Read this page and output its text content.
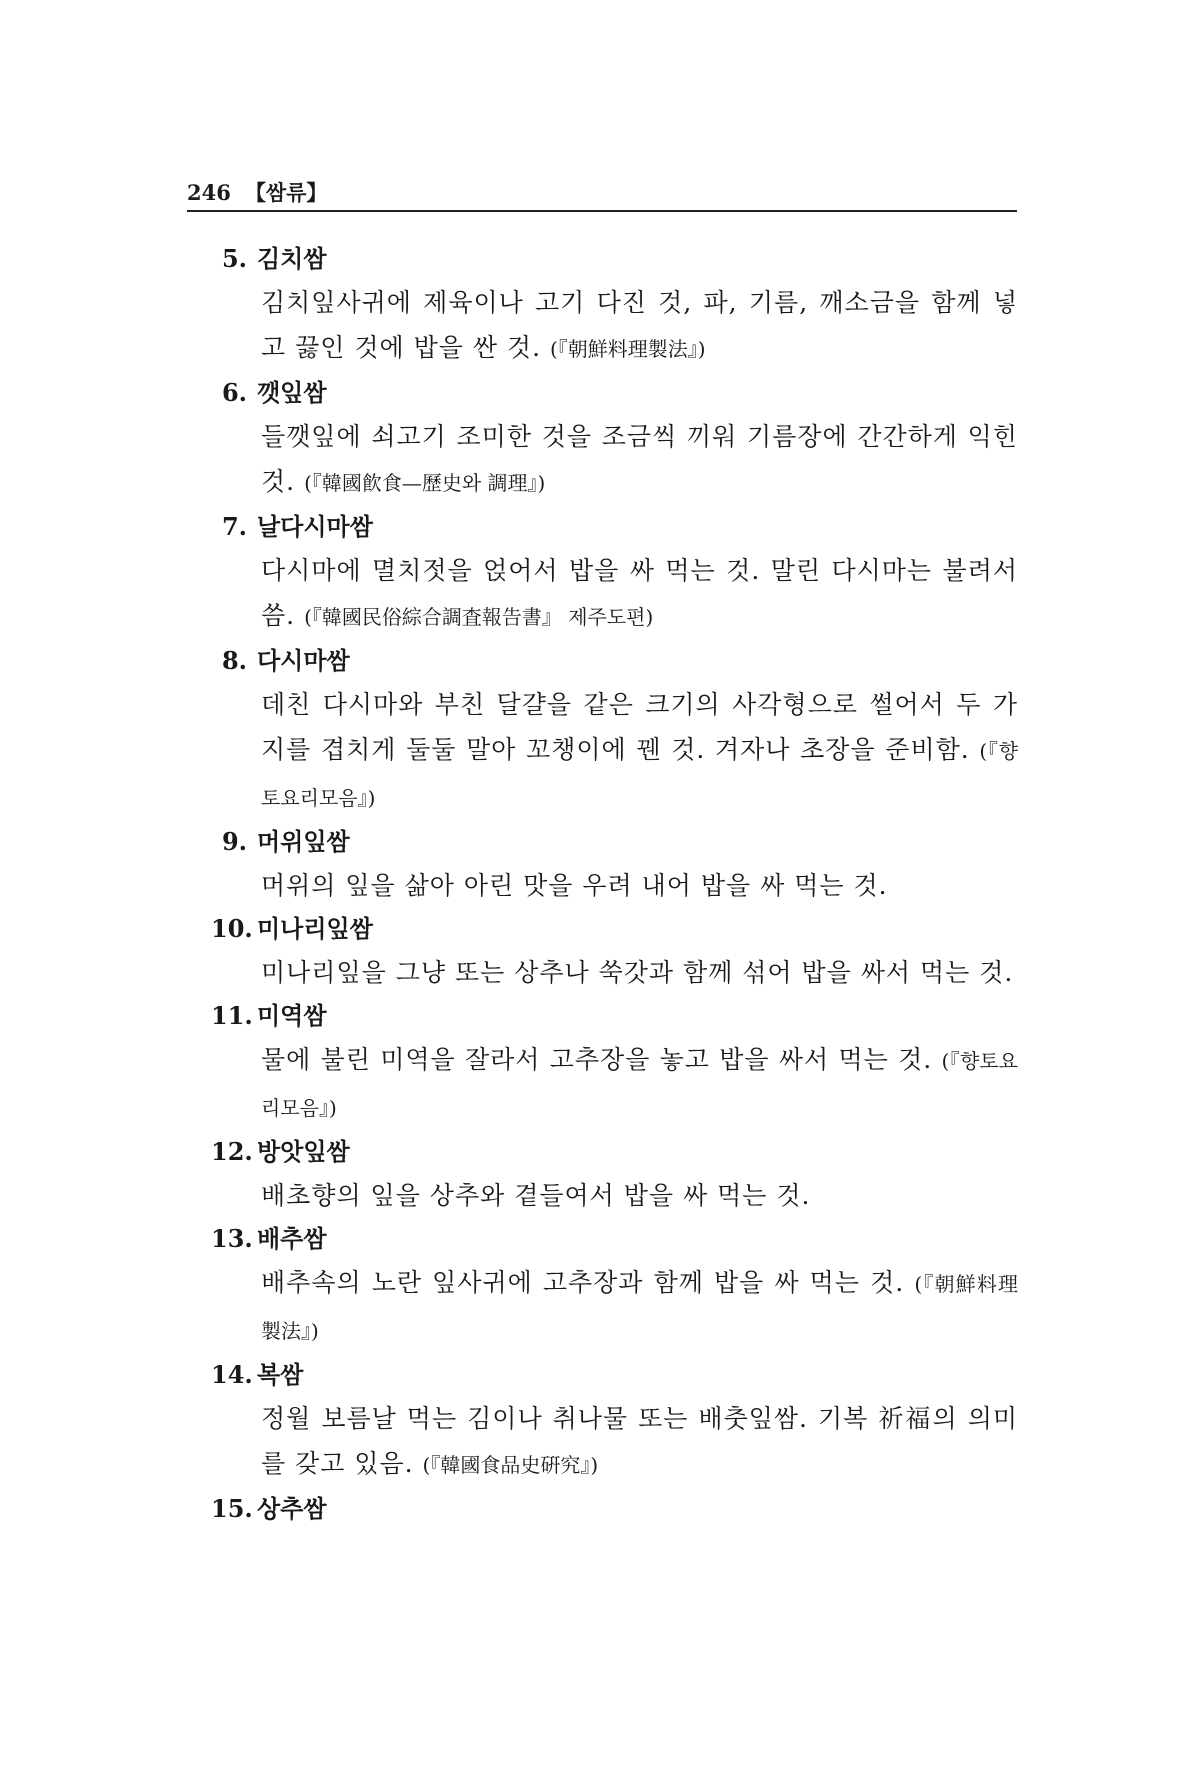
246 【쌈류】
5. 김치쌈
김치잎사귀에 제육이나 고기 다진 것, 파, 기름, 깨소금을 함께 넣고 끓인 것에 밥을 싼 것. (『朝鮮料理製法』)
6. 깻잎쌈
들깻잎에 쇠고기 조미한 것을 조금씩 끼워 기름장에 간간하게 익힌 것. (『韓國飮食—歷史와 調理』)
7. 날다시마쌈
다시마에 멸치젓을 얹어서 밥을 싸 먹는 것. 말린 다시마는 불려서 씀. (『韓國民俗綜合調査報告書』 제주도편)
8. 다시마쌈
데친 다시마와 부친 달걀을 같은 크기의 사각형으로 썰어서 두 가지를 겹치게 둘둘 말아 꼬챙이에 꿴 것. 겨자나 초장을 준비함. (『향토요리모음』)
9. 머위잎쌈
머위의 잎을 삶아 아린 맛을 우려 내어 밥을 싸 먹는 것.
10. 미나리잎쌈
미나리잎을 그냥 또는 상추나 쑥갓과 함께 섞어 밥을 싸서 먹는 것.
11. 미역쌈
물에 불린 미역을 잘라서 고추장을 놓고 밥을 싸서 먹는 것. (『향토요리모음』)
12. 방앗잎쌈
배초향의 잎을 상추와 곁들여서 밥을 싸 먹는 것.
13. 배추쌈
배추속의 노란 잎사귀에 고추장과 함께 밥을 싸 먹는 것. (『朝鮮料理製法』)
14. 복쌈
정월 보름날 먹는 김이나 취나물 또는 배춧잎쌈. 기복 祈福의 의미를 갖고 있음. (『韓國食品史硏究』)
15. 상추쌈
